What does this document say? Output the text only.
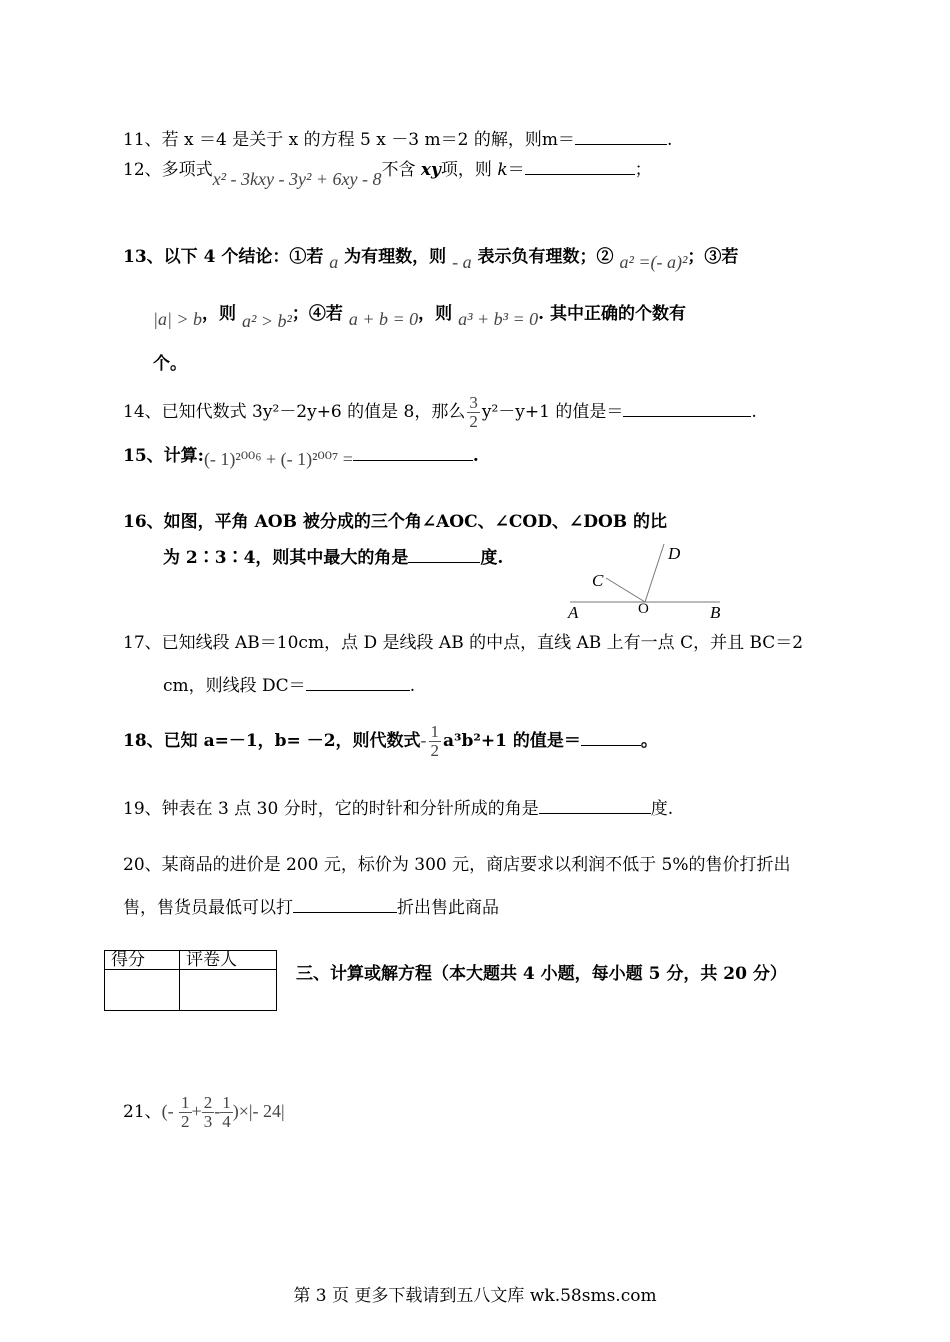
11、若 x ＝4 是关于 x 的方程 5 x －3 m＝2 的解，则m＝	.
12、多项式x² - 3kxy - 3y² + 6xy - 8不含 xy项，则 k＝	；
13、以下 4 个结论：①若 a 为有理数，则 - a 表示负有理数；② a² =(- a)²；③若
|a| > b，则 a² > b²；④若 a + b = 0，则 a³ + b³ = 0. 其中正确的个数有
个。
14、已知代数式 3y²－2y+6 的值是 8，那么 $\frac{3}{2} y^2-y+1$ 的值是＝	.
15、计算:(- 1)²⁰⁰⁶ + (- 1)²⁰⁰⁷ =	.
16、如图，平角 AOB 被分成的三个角∠AOC、∠COD、∠DOB 的比
为 2∶3∶4，则其中最大的角是	度.	D
C
A	O	B
17、已知线段 AB＝10cm，点 D 是线段 AB 的中点，直线 AB 上有一点 C，并且 BC＝2
cm，则线段 DC＝	.
18、已知 a=－1，b= －2，则代数式- $\frac{1}{2} a^3b^2+1$ 的值是＝	。
19、钟表在 3 点 30 分时，它的时针和分针所成的角是	度.
20、某商品的进价是 200 元，标价为 300 元，商店要求以利润不低于 5%的售价打折出
售，售货员最低可以打	折出售此商品
得分	评卷人

三、计算或解方程（本大题共 4 小题，每小题 5 分，共 20 分）
21、(- $\frac{1}{2} + \frac{2}{3} - \frac{1}{4}$ )×|- 24|
第 3 页 更多下载请到五八文库 wk.58sms.com
